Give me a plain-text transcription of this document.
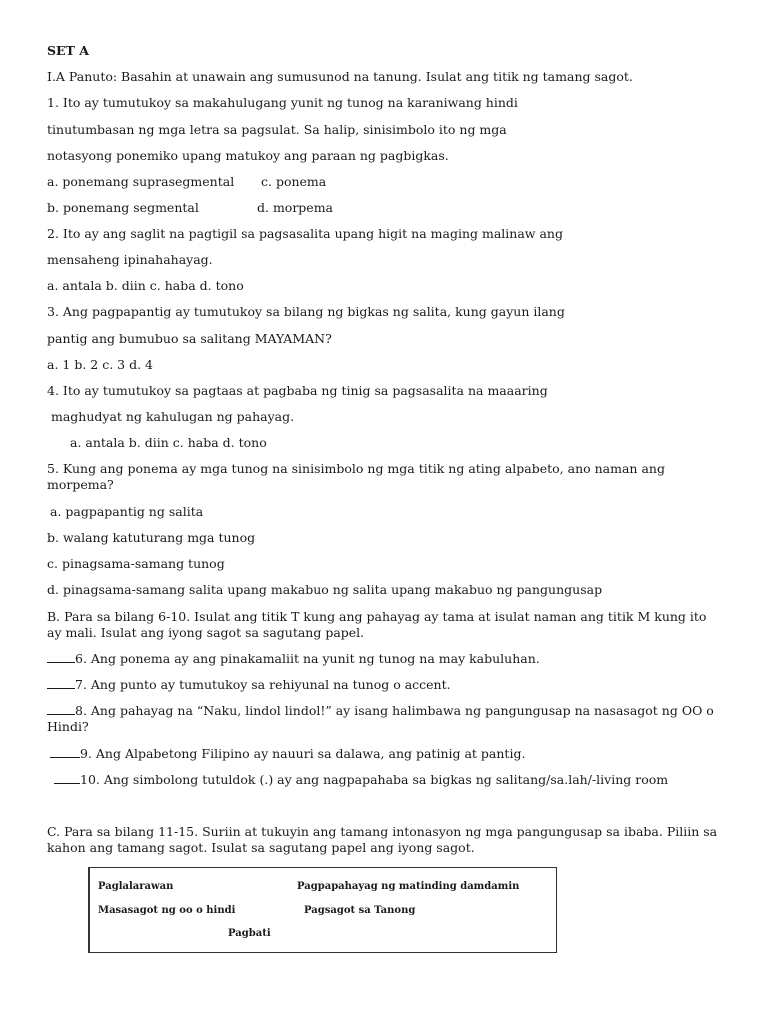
SET A

I.A Panuto: Basahin at unawain ang sumusunod na tanung. Isulat ang titik ng tamang sagot.

1. Ito ay tumutukoy sa makahulugang yunit ng tunog na karaniwang hindi

tinutumbasan ng mga letra sa pagsulat. Sa halip, sinisimbolo ito ng mga

notasyong ponemiko upang matukoy ang paraan ng pagbigkas.

a. ponemang suprasegmental c. ponema

b. ponemang segmental	d. morpema

2. Ito ay ang saglit na pagtigil sa pagsasalita upang higit na maging malinaw ang

mensaheng ipinahahayag.

a. antala b. diin c. haba d. tono

3. Ang pagpapantig ay tumutukoy sa bilang ng bigkas ng salita, kung gayun ilang

pantig ang bumubuo sa salitang MAYAMAN?

a. 1 b. 2 c. 3 d. 4

4. Ito ay tumutukoy sa pagtaas at pagbaba ng tinig sa pagsasalita na maaaring

maghudyat ng kahulugan ng pahayag.

a. antala b. diin c. haba d. tono

5. Kung ang ponema ay mga tunog na sinisimbolo ng mga titik ng ating alpabeto, ano naman ang morpema?

a. pagpapantig ng salita

b. walang katuturang mga tunog

c. pinagsama-samang tunog

d. pinagsama-samang salita upang makabuo ng salita upang makabuo ng pangungusap

B. Para sa bilang 6-10. Isulat ang titik T kung ang pahayag ay tama at isulat naman ang titik M kung ito ay mali. Isulat ang iyong sagot sa sagutang papel.

6. Ang ponema ay ang pinakamaliit na yunit ng tunog na may kabuluhan.

7. Ang punto ay tumutukoy sa rehiyunal na tunog o accent.

8. Ang pahayag na “Naku, lindol lindol!” ay isang halimbawa ng pangungusap na nasasagot ng OO o Hindi?

9. Ang Alpabetong Filipino ay nauuri sa dalawa, ang patinig at pantig.

10. Ang simbolong tutuldok (.) ay ang nagpapahaba sa bigkas ng salitang/sa.lah/-living room

C. Para sa bilang 11-15. Suriin at tukuyin ang tamang intonasyon ng mga pangungusap sa ibaba. Piliin sa kahon ang tamang sagot. Isulat sa sagutang papel ang iyong sagot.

Paglalarawan	Pagpapahayag ng matinding damdamin
Masasagot ng oo o hindi	Pagsagot sa Tanong
Pagbati
